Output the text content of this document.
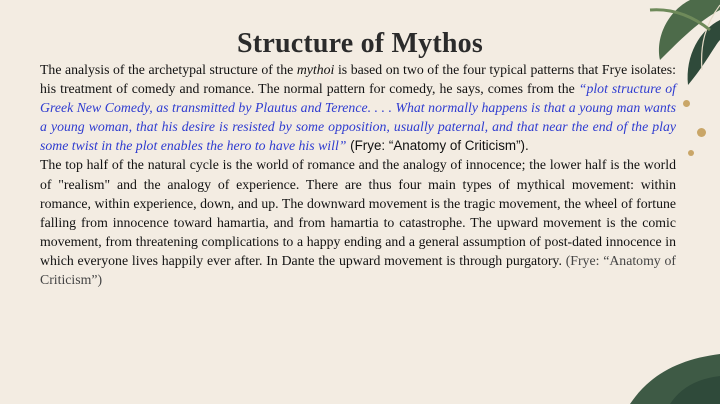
Structure of Mythos

The analysis of the archetypal structure of the mythoi is based on two of the four typical patterns that Frye isolates: his treatment of comedy and romance. The normal pattern for comedy, he says, comes from the “plot structure of Greek New Comedy, as transmitted by Plautus and Terence. . . . What normally happens is that a young man wants a young woman, that his desire is resisted by some opposition, usually paternal, and that near the end of the play some twist in the plot enables the hero to have his will” (Frye: “Anatomy of Criticism”).

The top half of the natural cycle is the world of romance and the analogy of innocence; the lower half is the world of "realism" and the analogy of experience. There are thus four main types of mythical movement: within romance, within experience, down, and up. The downward movement is the tragic movement, the wheel of fortune falling from innocence toward hamartia, and from hamartia to catastrophe. The upward movement is the comic movement, from threatening complications to a happy ending and a general assumption of post-dated innocence in which everyone lives happily ever after. In Dante the upward movement is through purgatory. (Frye: “Anatomy of Criticism”)
